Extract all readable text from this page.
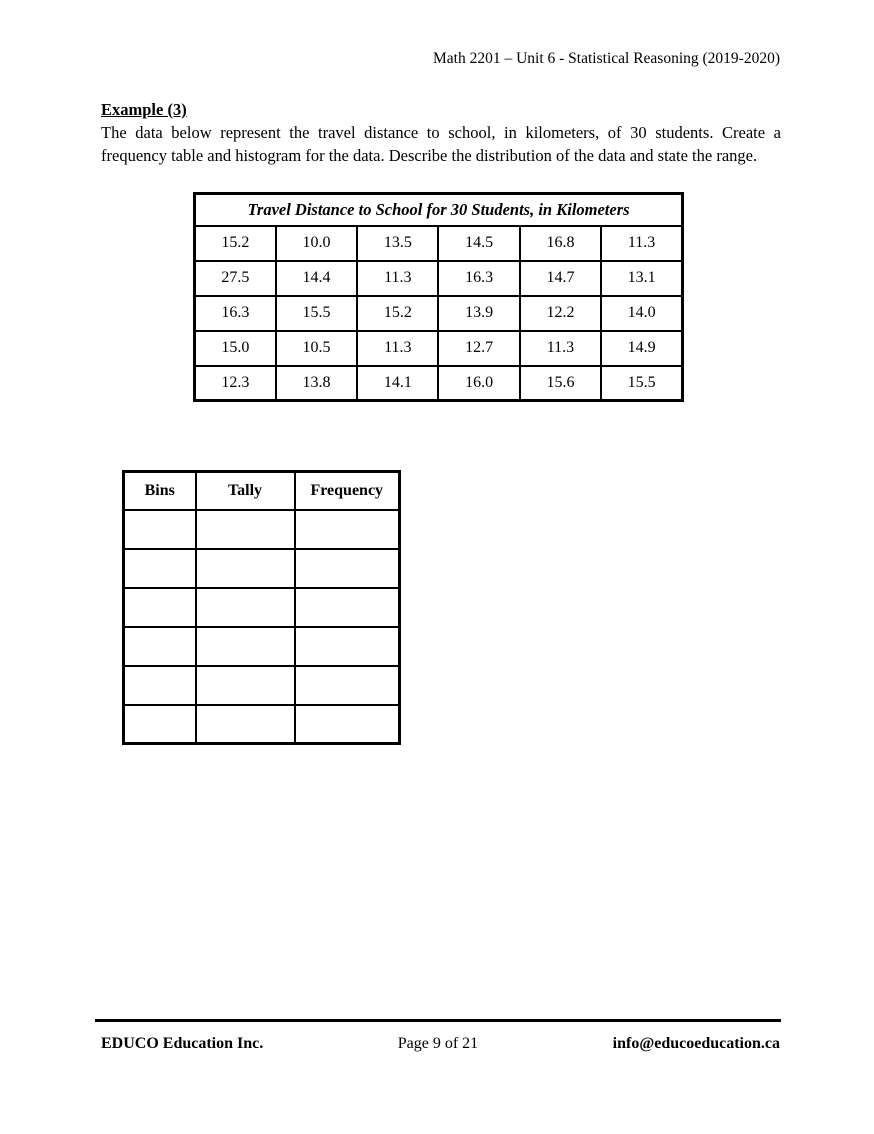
Math 2201 – Unit 6 - Statistical Reasoning (2019-2020)
Example (3)
The data below represent the travel distance to school, in kilometers, of 30 students. Create a frequency table and histogram for the data. Describe the distribution of the data and state the range.
Travel Distance to School for 30 Students, in Kilometers					
15.2	10.0	13.5	14.5	16.8	11.3
27.5	14.4	11.3	16.3	14.7	13.1
16.3	15.5	15.2	13.9	12.2	14.0
15.0	10.5	11.3	12.7	11.3	14.9
12.3	13.8	14.1	16.0	15.6	15.5
Bins	Tally	Frequency

EDUCO Education Inc.	Page 9 of 21	info@educoeducation.ca
